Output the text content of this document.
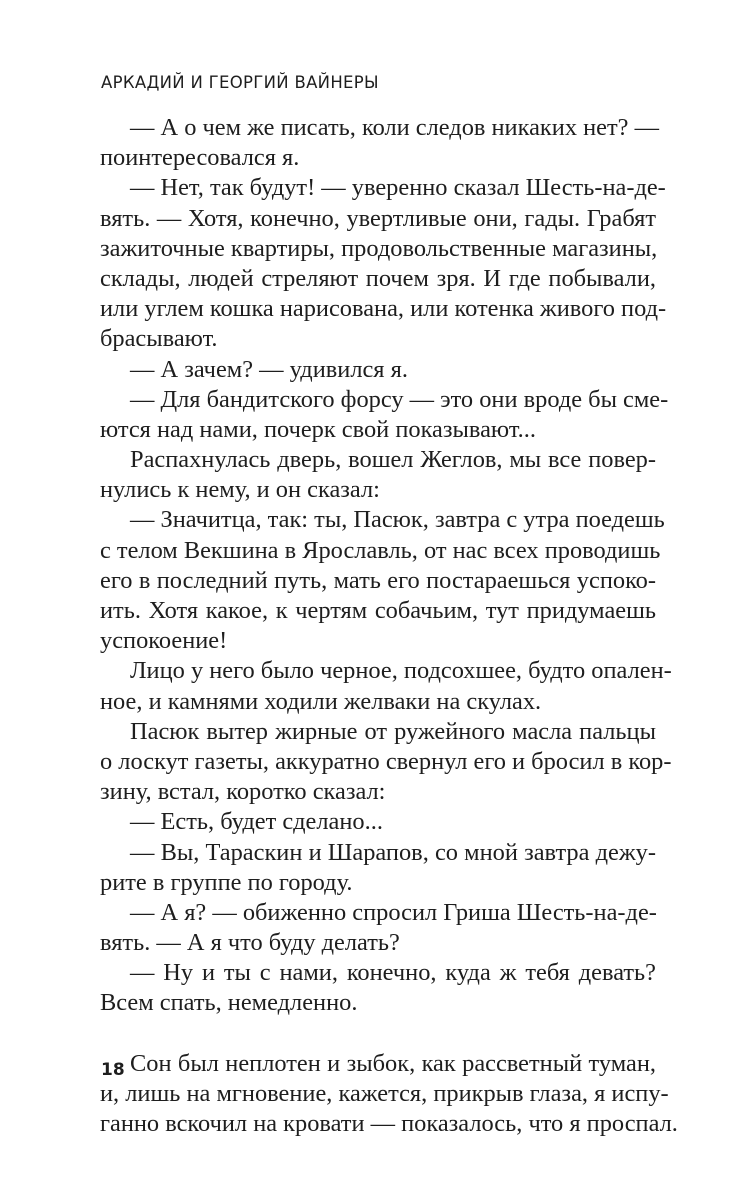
АРКАДИЙ И ГЕОРГИЙ ВАЙНЕРЫ
— А о чем же писать, коли следов никаких нет? —
поинтересовался я.
— Нет, так будут! — уверенно сказал Шесть-на-де-
вять. — Хотя, конечно, увертливые они, гады. Грабят
зажиточные квартиры, продовольственные магазины,
склады, людей стреляют почем зря. И где побывали,
или углем кошка нарисована, или котенка живого под-
брасывают.
— А зачем? — удивился я.
— Для бандитского форсу — это они вроде бы сме-
ются над нами, почерк свой показывают...
Распахнулась дверь, вошел Жеглов, мы все повер-
нулись к нему, и он сказал:
— Значитца, так: ты, Пасюк, завтра с утра поедешь
с телом Векшина в Ярославль, от нас всех проводишь
его в последний путь, мать его постараешься успоко-
ить. Хотя какое, к чертям собачьим, тут придумаешь
успокоение!
Лицо у него было черное, подсохшее, будто опален-
ное, и камнями ходили желваки на скулах.
Пасюк вытер жирные от ружейного масла пальцы
о лоскут газеты, аккуратно свернул его и бросил в кор-
зину, встал, коротко сказал:
— Есть, будет сделано...
— Вы, Тараскин и Шарапов, со мной завтра дежу-
рите в группе по городу.
— А я? — обиженно спросил Гриша Шесть-на-де-
вять. — А я что буду делать?
— Ну и ты с нами, конечно, куда ж тебя девать?
Всем спать, немедленно.
Сон был неплотен и зыбок, как рассветный туман,
и, лишь на мгновение, кажется, прикрыв глаза, я испу-
ганно вскочил на кровати — показалось, что я проспал.
18
